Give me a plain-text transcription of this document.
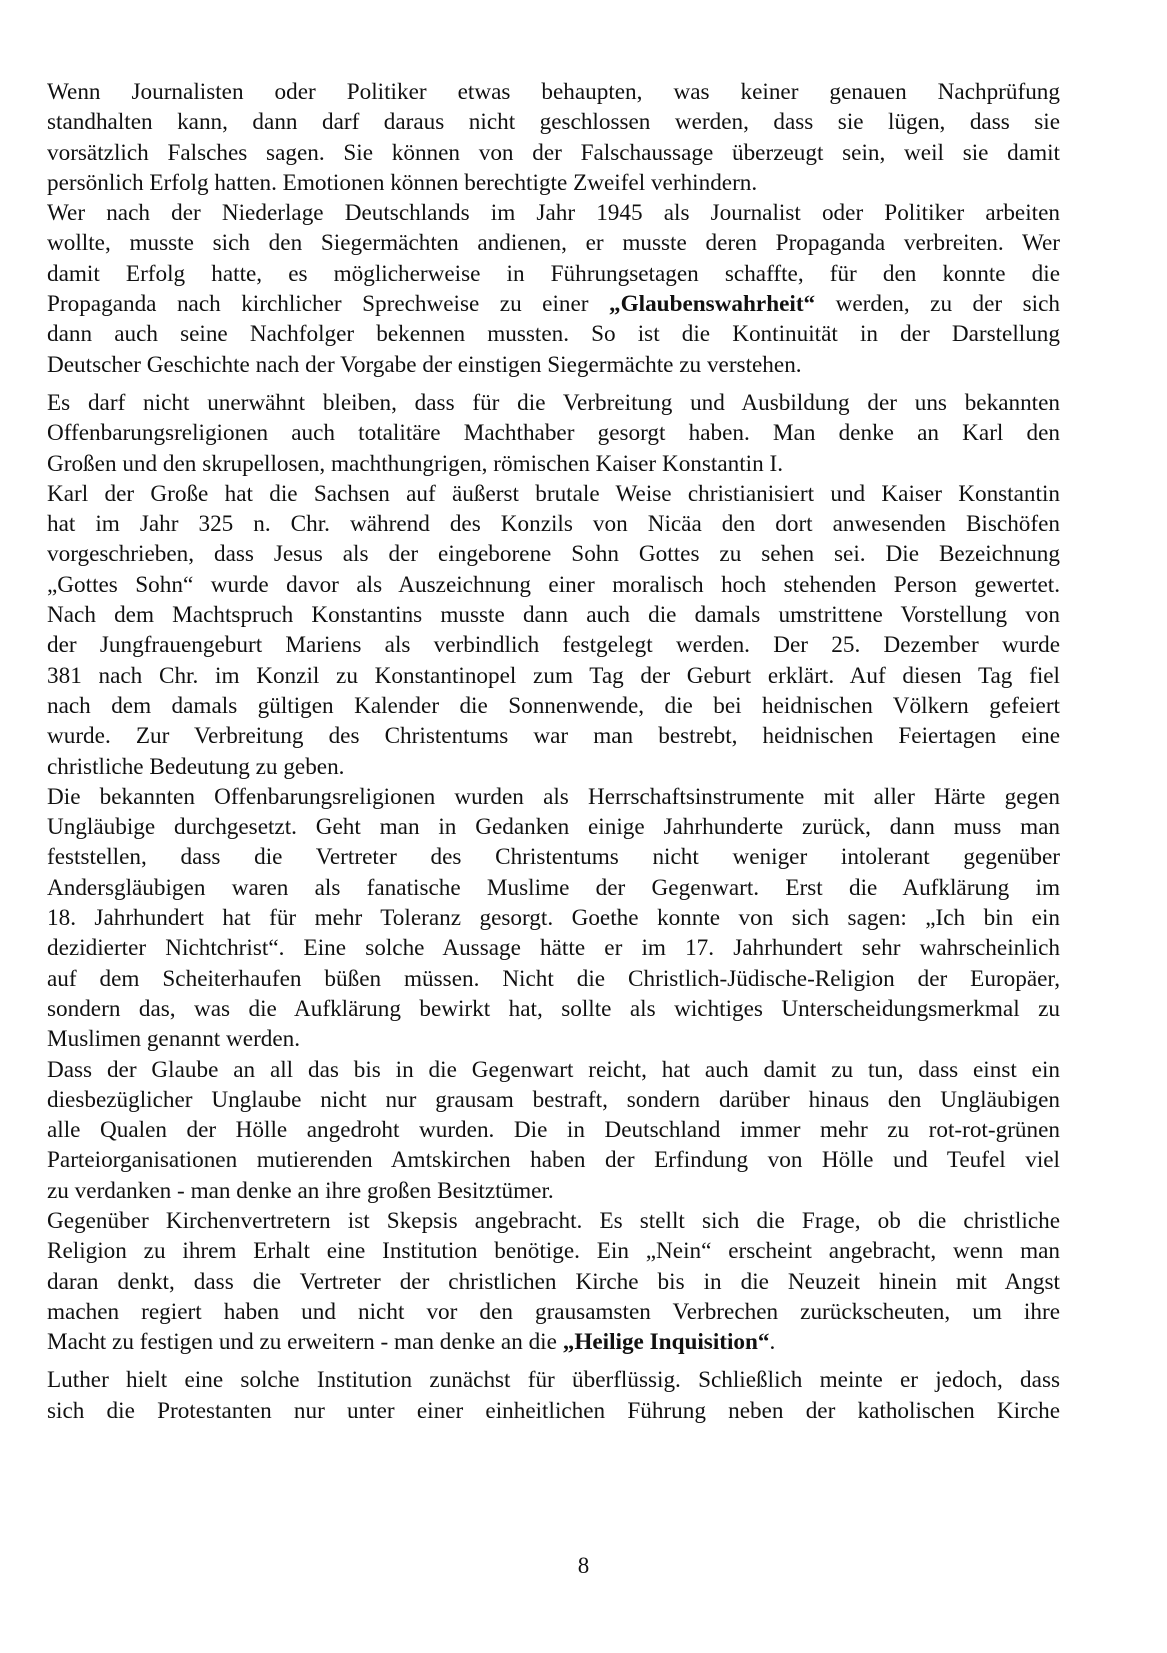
Wenn Journalisten oder Politiker etwas behaupten, was keiner genauen Nachprüfung
standhalten kann, dann darf daraus nicht geschlossen werden, dass sie lügen, dass sie
vorsätzlich Falsches sagen. Sie können von der Falschaussage überzeugt sein, weil sie damit
persönlich Erfolg hatten. Emotionen können berechtigte Zweifel verhindern.
Wer nach der Niederlage Deutschlands im Jahr 1945 als Journalist oder Politiker arbeiten
wollte, musste sich den Siegermächten andienen, er musste deren Propaganda verbreiten. Wer
damit Erfolg hatte, es möglicherweise in Führungsetagen schaffte, für den konnte die
Propaganda nach kirchlicher Sprechweise zu einer „Glaubenswahrheit“ werden, zu der sich
dann auch seine Nachfolger bekennen mussten. So ist die Kontinuität in der Darstellung
Deutscher Geschichte nach der Vorgabe der einstigen Siegermächte zu verstehen.
Es darf nicht unerwähnt bleiben, dass für die Verbreitung und Ausbildung der uns bekannten
Offenbarungsreligionen auch totalitäre Machthaber gesorgt haben. Man denke an Karl den
Großen und den skrupellosen, machthungrigen, römischen Kaiser Konstantin I.
Karl der Große hat die Sachsen auf äußerst brutale Weise christianisiert und Kaiser Konstantin
hat im Jahr 325 n. Chr. während des Konzils von Nicäa den dort anwesenden Bischöfen
vorgeschrieben, dass Jesus als der eingeborene Sohn Gottes zu sehen sei. Die Bezeichnung
„Gottes Sohn“ wurde davor als Auszeichnung einer moralisch hoch stehenden Person gewertet.
Nach dem Machtspruch Konstantins musste dann auch die damals umstrittene Vorstellung von
der Jungfrauengeburt Mariens als verbindlich festgelegt werden. Der 25. Dezember wurde
381 nach Chr. im Konzil zu Konstantinopel zum Tag der Geburt erklärt. Auf diesen Tag fiel
nach dem damals gültigen Kalender die Sonnenwende, die bei heidnischen Völkern gefeiert
wurde. Zur Verbreitung des Christentums war man bestrebt, heidnischen Feiertagen eine
christliche Bedeutung zu geben.
Die bekannten Offenbarungsreligionen wurden als Herrschaftsinstrumente mit aller Härte gegen
Ungläubige durchgesetzt. Geht man in Gedanken einige Jahrhunderte zurück, dann muss man
feststellen, dass die Vertreter des Christentums nicht weniger intolerant gegenüber
Andersgläubigen waren als fanatische Muslime der Gegenwart. Erst die Aufklärung im
18. Jahrhundert hat für mehr Toleranz gesorgt. Goethe konnte von sich sagen: „Ich bin ein
dezidierter Nichtchrist“. Eine solche Aussage hätte er im 17. Jahrhundert sehr wahrscheinlich
auf dem Scheiterhaufen büßen müssen. Nicht die Christlich-Jüdische-Religion der Europäer,
sondern das, was die Aufklärung bewirkt hat, sollte als wichtiges Unterscheidungsmerkmal zu
Muslimen genannt werden.
Dass der Glaube an all das bis in die Gegenwart reicht, hat auch damit zu tun, dass einst ein
diesbezüglicher Unglaube nicht nur grausam bestraft, sondern darüber hinaus den Ungläubigen
alle Qualen der Hölle angedroht wurden. Die in Deutschland immer mehr zu rot-rot-grünen
Parteiorganisationen mutierenden Amtskirchen haben der Erfindung von Hölle und Teufel viel
zu verdanken - man denke an ihre großen Besitztümer.
Gegenüber Kirchenvertretern ist Skepsis angebracht. Es stellt sich die Frage, ob die christliche
Religion zu ihrem Erhalt eine Institution benötige. Ein „Nein“ erscheint angebracht, wenn man
daran denkt, dass die Vertreter der christlichen Kirche bis in die Neuzeit hinein mit Angst
machen regiert haben und nicht vor den grausamsten Verbrechen zurückscheuten, um ihre
Macht zu festigen und zu erweitern - man denke an die „Heilige Inquisition“.
Luther hielt eine solche Institution zunächst für überflüssig. Schließlich meinte er jedoch, dass
sich die Protestanten nur unter einer einheitlichen Führung neben der katholischen Kirche
8
